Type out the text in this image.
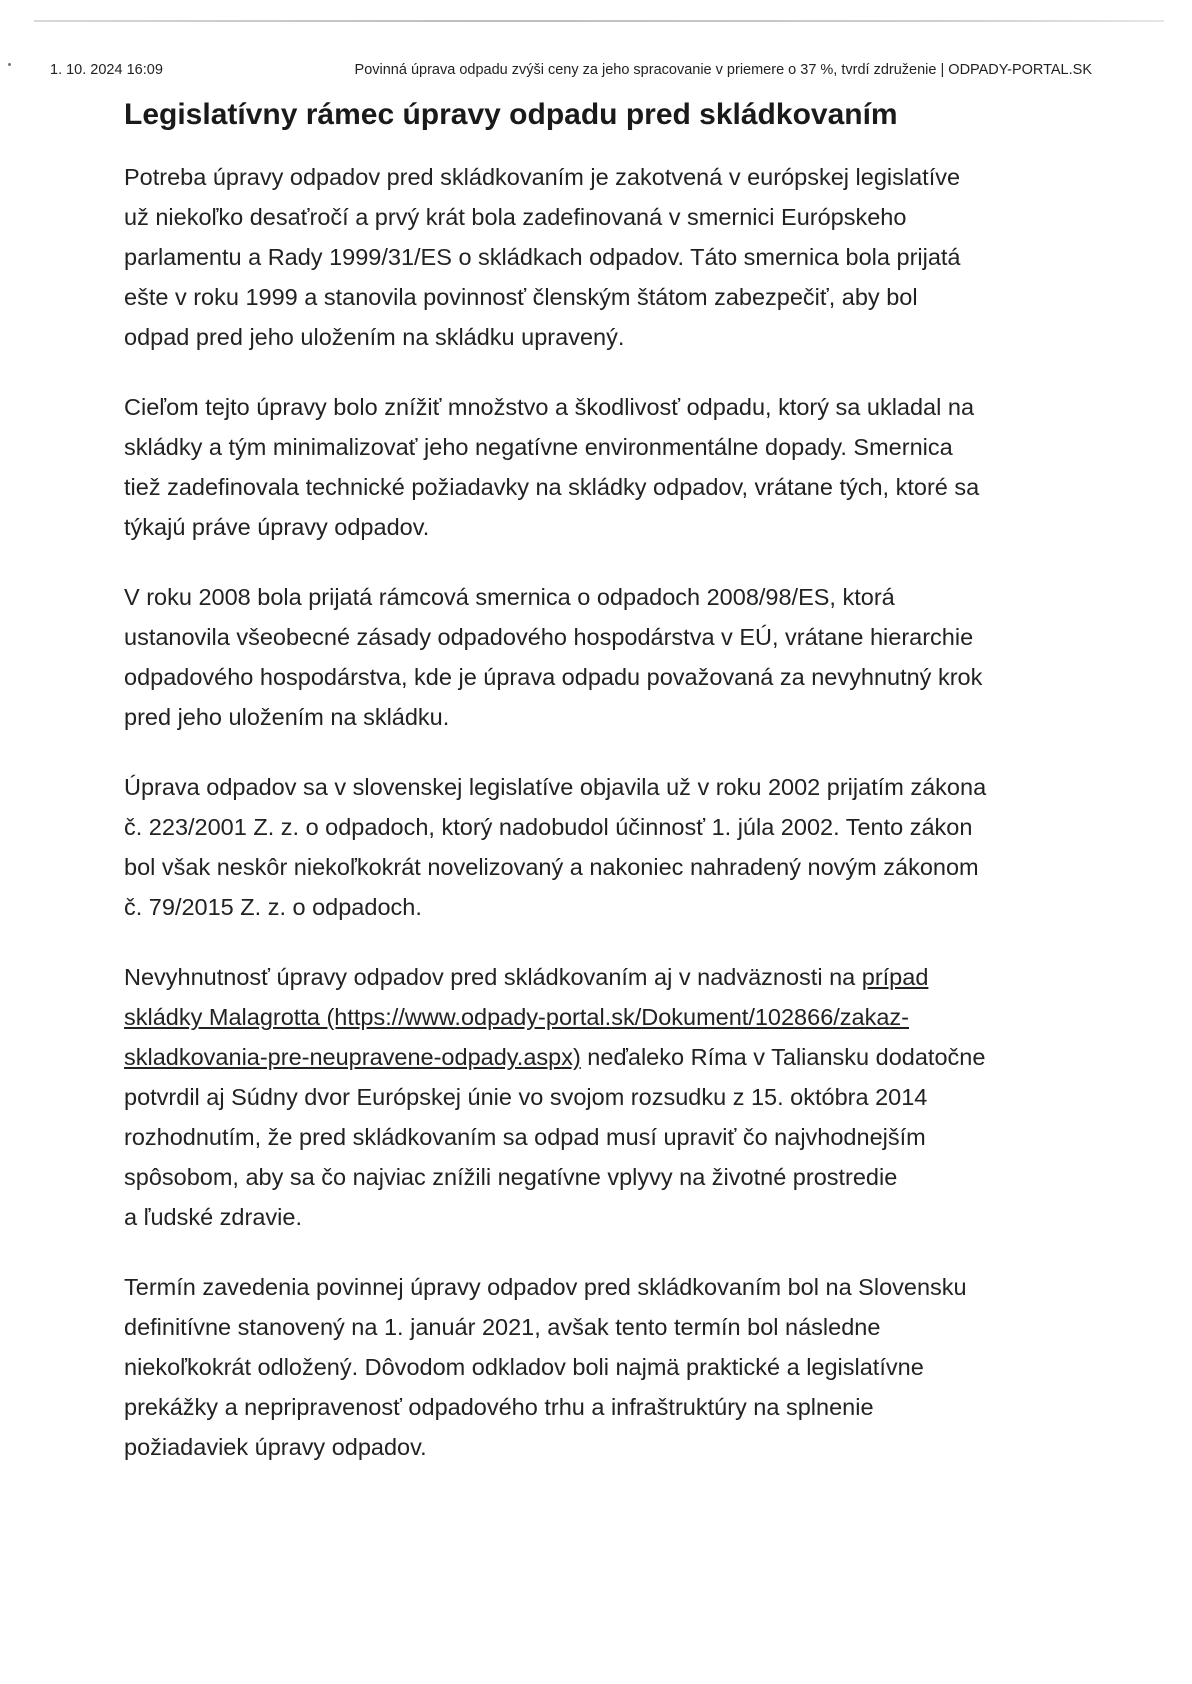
1. 10. 2024 16:09	Povinná úprava odpadu zvýši ceny za jeho spracovanie v priemere o 37 %, tvrdí združenie | ODPADY-PORTAL.SK
Legislatívny rámec úpravy odpadu pred skládkovaním

Potreba úpravy odpadov pred skládkovaním je zakotvená v európskej legislatíve
už niekoľko desaťročí a prvý krát bola zadefinovaná v smernici Európskeho
parlamentu a Rady 1999/31/ES o skládkach odpadov. Táto smernica bola prijatá
ešte v roku 1999 a stanovila povinnosť členským štátom zabezpečiť, aby bol
odpad pred jeho uložením na skládku upravený.

Cieľom tejto úpravy bolo znížiť množstvo a škodlivosť odpadu, ktorý sa ukladal na
skládky a tým minimalizovať jeho negatívne environmentálne dopady. Smernica
tiež zadefinovala technické požiadavky na skládky odpadov, vrátane tých, ktoré sa
týkajú práve úpravy odpadov.

V roku 2008 bola prijatá rámcová smernica o odpadoch 2008/98/ES, ktorá
ustanovila všeobecné zásady odpadového hospodárstva v EÚ, vrátane hierarchie
odpadového hospodárstva, kde je úprava odpadu považovaná za nevyhnutný krok
pred jeho uložením na skládku.

Úprava odpadov sa v slovenskej legislatíve objavila už v roku 2002 prijatím zákona
č. 223/2001 Z. z. o odpadoch, ktorý nadobudol účinnosť 1. júla 2002. Tento zákon
bol však neskôr niekoľkokrát novelizovaný a nakoniec nahradený novým zákonom
č. 79/2015 Z. z. o odpadoch.

Nevyhnutnosť úpravy odpadov pred skládkovaním aj v nadväznosti na prípad
skládky Malagrotta (https://www.odpady-portal.sk/Dokument/102866/zakaz-
skladkovania-pre-neupravene-odpady.aspx) neďaleko Ríma v Taliansku dodatočne
potvrdil aj Súdny dvor Európskej únie vo svojom rozsudku z 15. októbra 2014
rozhodnutím, že pred skládkovaním sa odpad musí upraviť čo najvhodnejším
spôsobom, aby sa čo najviac znížili negatívne vplyvy na životné prostredie
a ľudské zdravie.

Termín zavedenia povinnej úpravy odpadov pred skládkovaním bol na Slovensku
definitívne stanovený na 1. január 2021, avšak tento termín bol následne
niekoľkokrát odložený. Dôvodom odkladov boli najmä praktické a legislatívne
prekážky a nepripravenosť odpadového trhu a infraštruktúry na splnenie
požiadaviek úpravy odpadov.
